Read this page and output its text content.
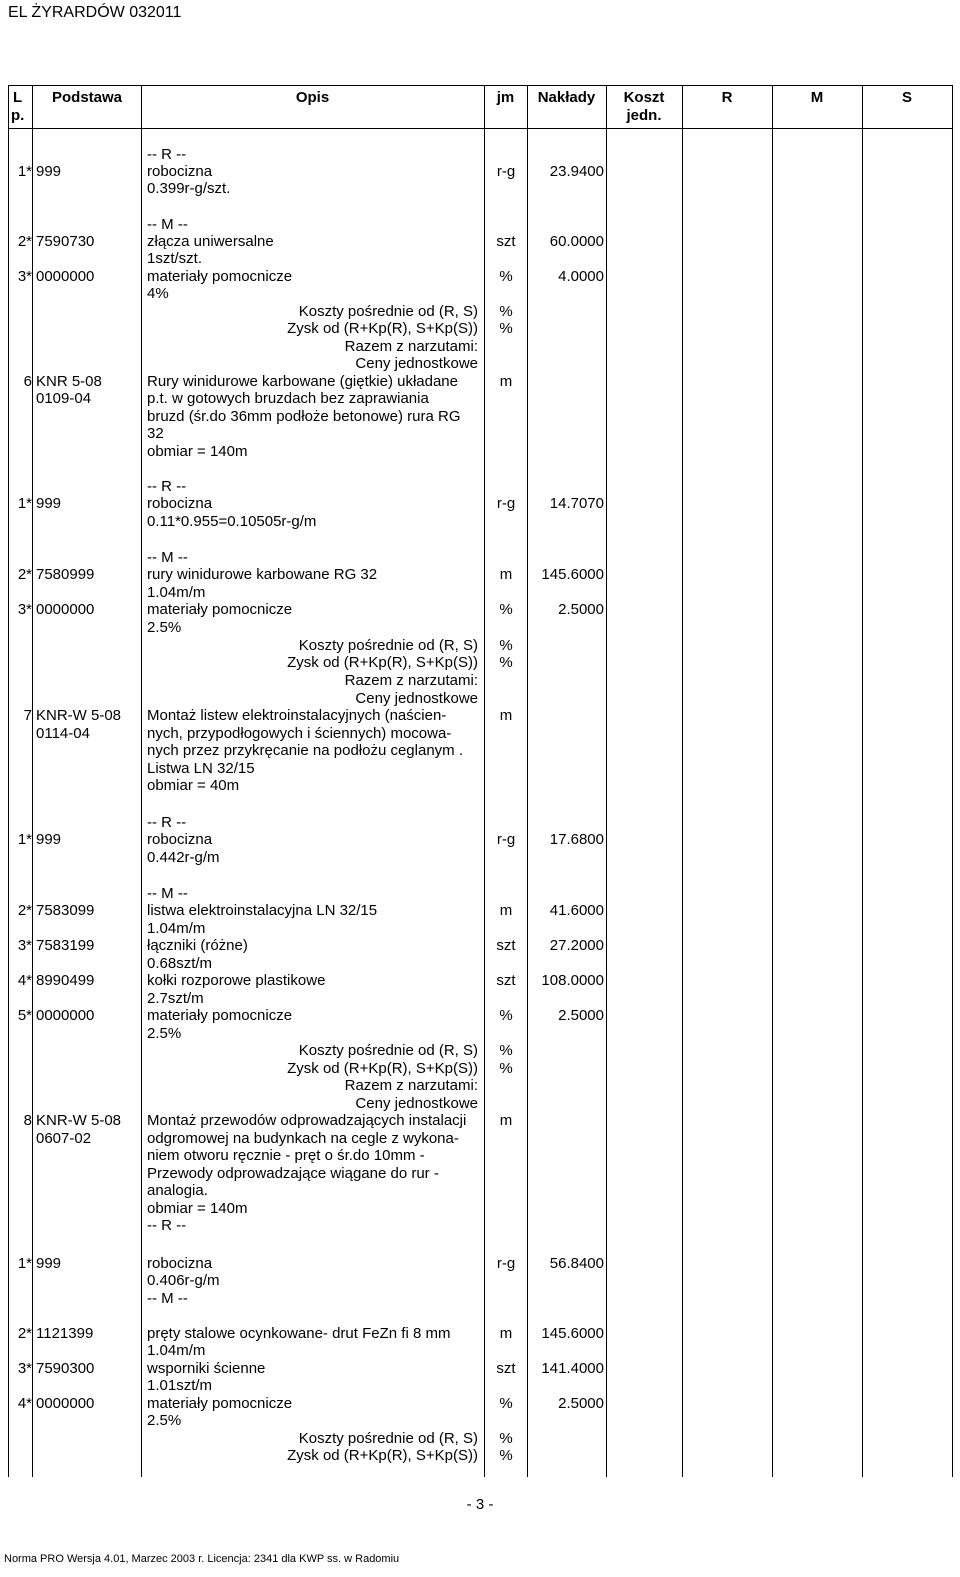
EL ŻYRARDÓW 032011
L
p.
Podstawa	Opis	jm	Nakłady	Koszt
jedn.
R	M	S
-- R --
1* 999	robocizna	r-g	23.9400
0.399r-g/szt.
-- M --
2* 7590730	złącza uniwersalne	szt	60.0000
1szt/szt.
3* 0000000	materiały pomocnicze	%	4.0000
4%
Koszty pośrednie od (R, S)	%
Zysk od (R+Kp(R), S+Kp(S))	%
Razem z narzutami:
Ceny jednostkowe
6 KNR 5-08	Rury winidurowe karbowane (giętkie) układane	m
0109-04	p.t. w gotowych bruzdach bez zaprawiania
bruzd (śr.do 36mm podłoże betonowe) rura RG
32
obmiar = 140m
-- R --
1* 999	robocizna	r-g	14.7070
0.11*0.955=0.10505r-g/m
-- M --
2* 7580999	rury winidurowe karbowane RG 32	m	145.6000
1.04m/m
3* 0000000	materiały pomocnicze	%	2.5000
2.5%
Koszty pośrednie od (R, S)	%
Zysk od (R+Kp(R), S+Kp(S))	%
Razem z narzutami:
Ceny jednostkowe
7 KNR-W 5-08	Montaż listew elektroinstalacyjnych (naścien-	m
0114-04	nych, przypodłogowych i ściennych) mocowa-
nych przez przykręcanie na podłożu ceglanym .
Listwa LN 32/15
obmiar = 40m
-- R --
1* 999	robocizna	r-g	17.6800
0.442r-g/m
-- M --
2* 7583099	listwa elektroinstalacyjna LN 32/15	m	41.6000
1.04m/m
3* 7583199	łączniki (różne)	szt	27.2000
0.68szt/m
4* 8990499	kołki rozporowe plastikowe	szt	108.0000
2.7szt/m
5* 0000000	materiały pomocnicze	%	2.5000
2.5%
Koszty pośrednie od (R, S)	%
Zysk od (R+Kp(R), S+Kp(S))	%
Razem z narzutami:
Ceny jednostkowe
8 KNR-W 5-08	Montaż przewodów odprowadzających instalacji	m
0607-02	odgromowej na budynkach na cegle z wykona-
niem otworu ręcznie - pręt o śr.do 10mm -
Przewody odprowadzające wiągane do rur -
analogia.
obmiar = 140m
-- R --
1* 999	robocizna	r-g	56.8400
0.406r-g/m
-- M --
2* 1121399	pręty stalowe ocynkowane- drut FeZn fi 8 mm	m	145.6000
1.04m/m
3* 7590300	wsporniki ścienne	szt	141.4000
1.01szt/m
4* 0000000	materiały pomocnicze	%	2.5000
2.5%
Koszty pośrednie od (R, S)	%
Zysk od (R+Kp(R), S+Kp(S))	%
- 3 -
Norma PRO Wersja 4.01, Marzec 2003 r. Licencja: 2341 dla KWP ss. w Radomiu
